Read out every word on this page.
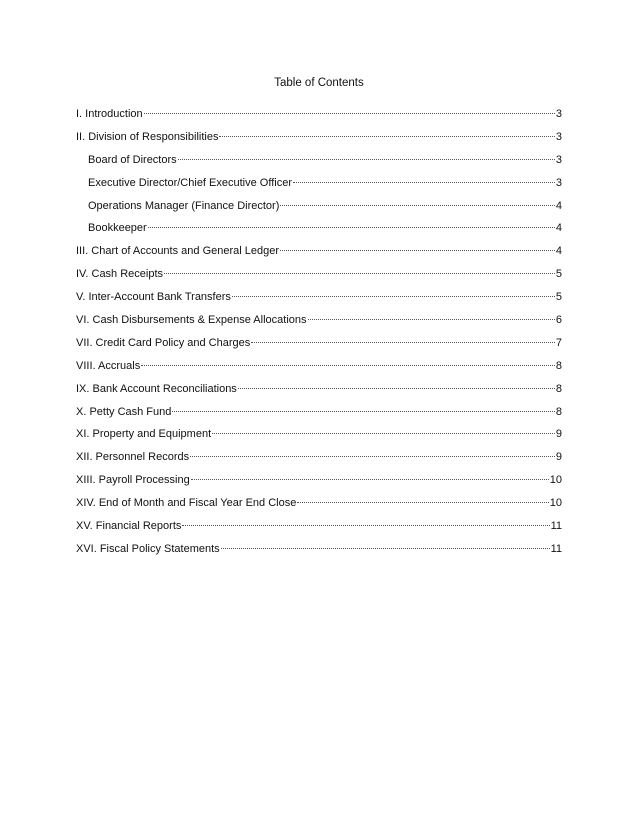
Table of Contents
I. Introduction	3
II. Division of Responsibilities	3
Board of Directors	3
Executive Director/Chief Executive Officer	3
Operations Manager (Finance Director)	4
Bookkeeper	4
III. Chart of Accounts and General Ledger	4
IV. Cash Receipts	5
V. Inter-Account Bank Transfers	5
VI. Cash Disbursements & Expense Allocations	6
VII. Credit Card Policy and Charges	7
VIII. Accruals	8
IX. Bank Account Reconciliations	8
X. Petty Cash Fund	8
XI. Property and Equipment	9
XII. Personnel Records	9
XIII. Payroll Processing	10
XIV. End of Month and Fiscal Year End Close	10
XV. Financial Reports	11
XVI. Fiscal Policy Statements	11
